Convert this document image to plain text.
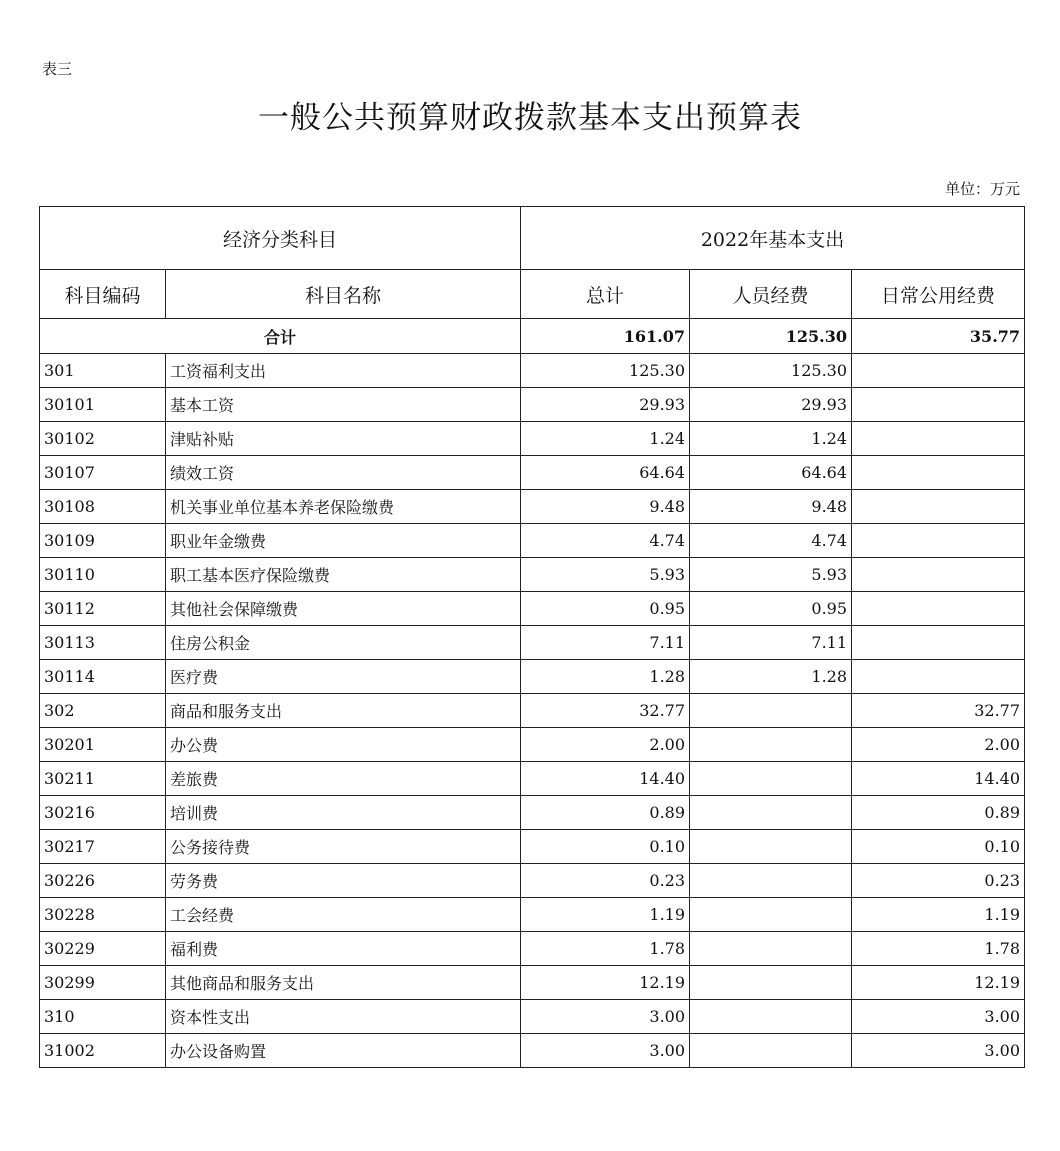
表三
一般公共预算财政拨款基本支出预算表
单位：万元
经济分类科目		2022年基本支出		
科目编码	科目名称	总计	人员经费	日常公用经费
合计		161.07	125.30	35.77
301	工资福利支出	125.30	125.30	
30101	基本工资	29.93	29.93	
30102	津贴补贴	1.24	1.24	
30107	绩效工资	64.64	64.64	
30108	机关事业单位基本养老保险缴费	9.48	9.48	
30109	职业年金缴费	4.74	4.74	
30110	职工基本医疗保险缴费	5.93	5.93	
30112	其他社会保障缴费	0.95	0.95	
30113	住房公积金	7.11	7.11	
30114	医疗费	1.28	1.28	
302	商品和服务支出	32.77		32.77
30201	办公费	2.00		2.00
30211	差旅费	14.40		14.40
30216	培训费	0.89		0.89
30217	公务接待费	0.10		0.10
30226	劳务费	0.23		0.23
30228	工会经费	1.19		1.19
30229	福利费	1.78		1.78
30299	其他商品和服务支出	12.19		12.19
310	资本性支出	3.00		3.00
31002	办公设备购置	3.00		3.00
